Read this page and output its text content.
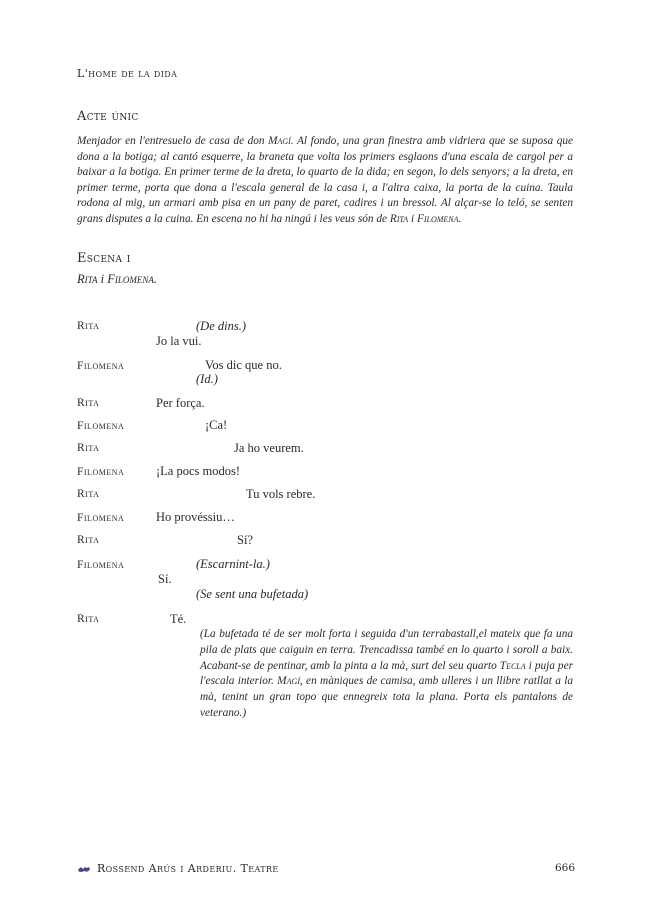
L'home de la dida
Acte únic
Menjador en l'entresuelo de casa de don Magí. Al fondo, una gran finestra amb vidriera que se suposa que dona a la botiga; al cantó esquerre, la braneta que volta los primers esglaons d'una escala de cargol per a baixar a la botiga. En primer terme de la dreta, lo quarto de la dida; en segon, lo dels senyors; a la dreta, en primer terme, porta que dona a l'escala general de la casa i, a l'altra caixa, la porta de la cuina. Taula rodona al mig, un armari amb pisa en un pany de paret, cadires i un bressol. Al alçar-se lo teló, se senten grans disputes a la cuina. En escena no hi ha ningú i les veus són de Rita i Filomena.
Escena i
Rita i Filomena.
Rita	(De dins.)
Jo la vui.
Filomena	Vos dic que no.
(Id.)
Rita	Per força.
Filomena	¡Ca!
Rita	Ja ho veurem.
Filomena	¡La pocs modos!
Rita	Tu vols rebre.
Filomena	Ho provéssiu…
Rita	Sí?
Filomena	(Escarnint-la.)
Sí.
(Se sent una bufetada)
Rita	Té.
(La bufetada té de ser molt forta i seguida d'un terrabastall,el mateix que fa una pila de plats que caiguin en terra. Trencadissa també en lo quarto i soroll a baix. Acabant-se de pentinar, amb la pinta a la mà, surt del seu quarto Tecla i puja per l'escala interior. Magí, en màniques de camisa, amb ulleres i un llibre ratllat a la mà, tenint un gran topo que ennegreix tota la plana. Porta els pantalons de veterano.)
Rossend Arús i Arderiu. Teatre	666
